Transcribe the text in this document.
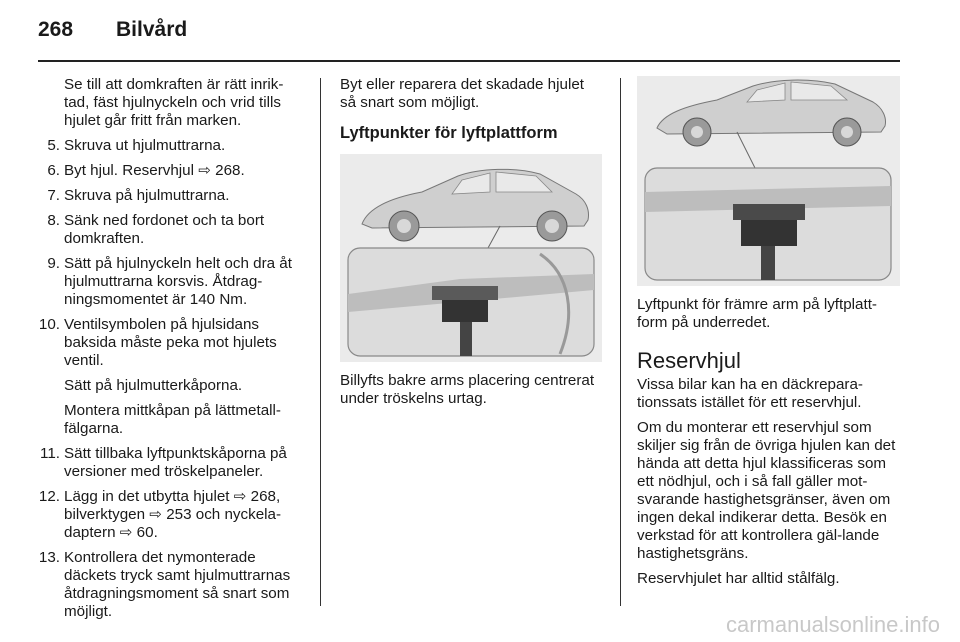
268 Bilvård

Se till att domkraften är rätt inrik-tad, fäst hjulnyckeln och vrid tills hjulet går fritt från marken.

5. Skruva ut hjulmuttrarna.

6. Byt hjul. Reservhjul ⇨ 268.

7. Skruva på hjulmuttrarna.

8. Sänk ned fordonet och ta bort domkraften.

9. Sätt på hjulnyckeln helt och dra åt hjulmuttrarna korsvis. Åtdrag-ningsmomentet är 140 Nm.

10. Ventilsymbolen på hjulsidans baksida måste peka mot hjulets ventil.

Sätt på hjulmutterkåporna.

Montera mittkåpan på lättmetall-fälgarna.

11. Sätt tillbaka lyftpunktskåporna på versioner med tröskelpaneler.

12. Lägg in det utbytta hjulet ⇨ 268, bilverktygen ⇨ 253 och nyckela-daptern ⇨ 60.

13. Kontrollera det nymonterade däckets tryck samt hjulmuttrarnas åtdragningsmoment så snart som möjligt.

Byt eller reparera det skadade hjulet så snart som möjligt.

Lyftpunkter för lyftplattform

Billyfts bakre arms placering centrerat under tröskelns urtag.

Lyftpunkt för främre arm på lyftplatt-form på underredet.

Reservhjul

Vissa bilar kan ha en däckrepara-tionssats istället för ett reservhjul.

Om du monterar ett reservhjul som skiljer sig från de övriga hjulen kan det hända att detta hjul klassificeras som ett nödhjul, och i så fall gäller mot-svarande hastighetsgränser, även om ingen dekal indikerar detta. Besök en verkstad för att kontrollera gäl-lande hastighetsgräns.

Reservhjulet har alltid stålfälg.

carmanualsonline.info
